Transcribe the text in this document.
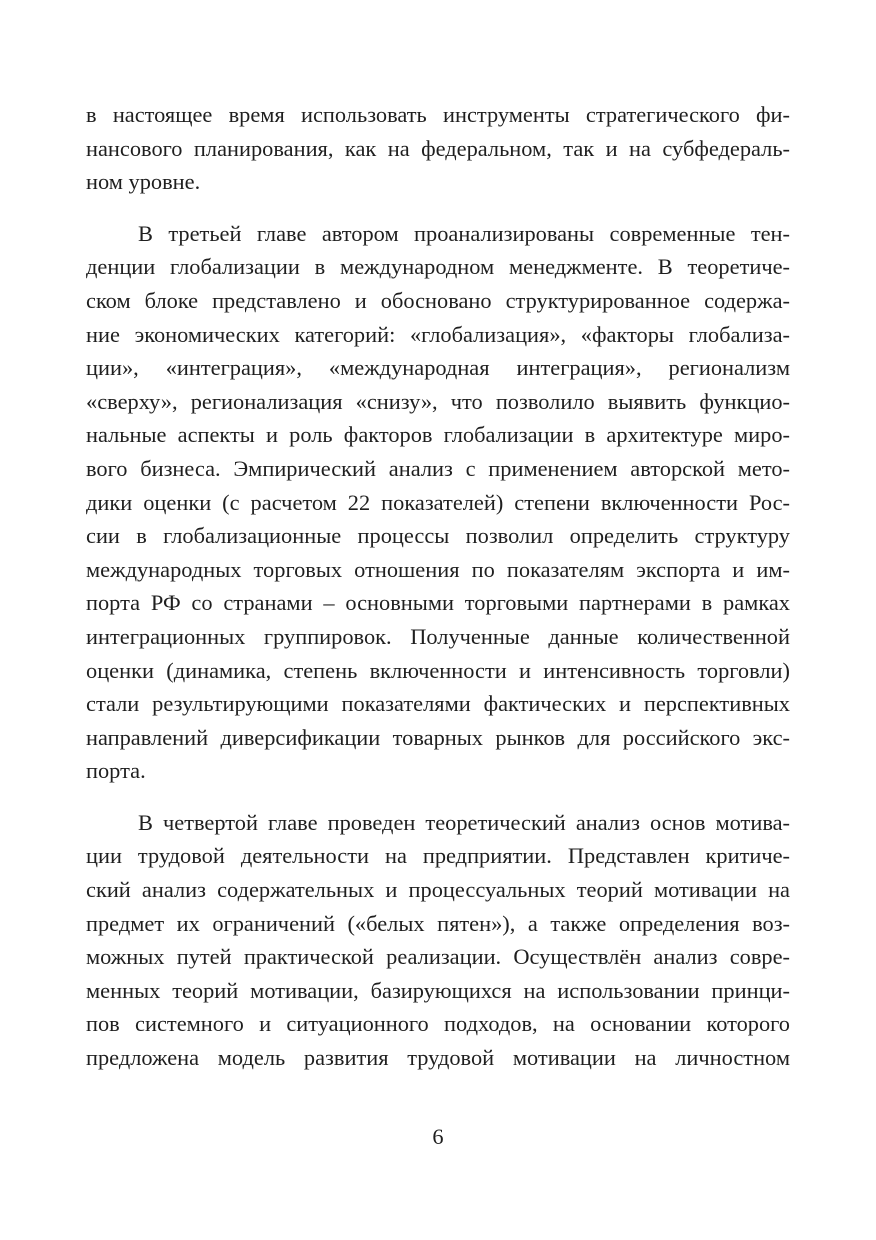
в настоящее время использовать инструменты стратегического фи-
нансового планирования, как на федеральном, так и на субфедераль-
ном уровне.
В третьей главе автором проанализированы современные тен-
денции глобализации в международном менеджменте. В теоретиче-
ском блоке представлено и обосновано структурированное содержа-
ние экономических категорий: «глобализация», «факторы глобализа-
ции», «интеграция», «международная интеграция», регионализм
«сверху», регионализация «снизу», что позволило выявить функцио-
нальные аспекты и роль факторов глобализации в архитектуре миро-
вого бизнеса. Эмпирический анализ с применением авторской мето-
дики оценки (с расчетом 22 показателей) степени включенности Рос-
сии в глобализационные процессы позволил определить структуру
международных торговых отношения по показателям экспорта и им-
порта РФ со странами – основными торговыми партнерами в рамках
интеграционных группировок. Полученные данные количественной
оценки (динамика, степень включенности и интенсивность торговли)
стали результирующими показателями фактических и перспективных
направлений диверсификации товарных рынков для российского экс-
порта.
В четвертой главе проведен теоретический анализ основ мотива-
ции трудовой деятельности на предприятии. Представлен критиче-
ский анализ содержательных и процессуальных теорий мотивации на
предмет их ограничений («белых пятен»), а также определения воз-
можных путей практической реализации. Осуществлён анализ совре-
менных теорий мотивации, базирующихся на использовании принци-
пов системного и ситуационного подходов, на основании которого
предложена модель развития трудовой мотивации на личностном
6
